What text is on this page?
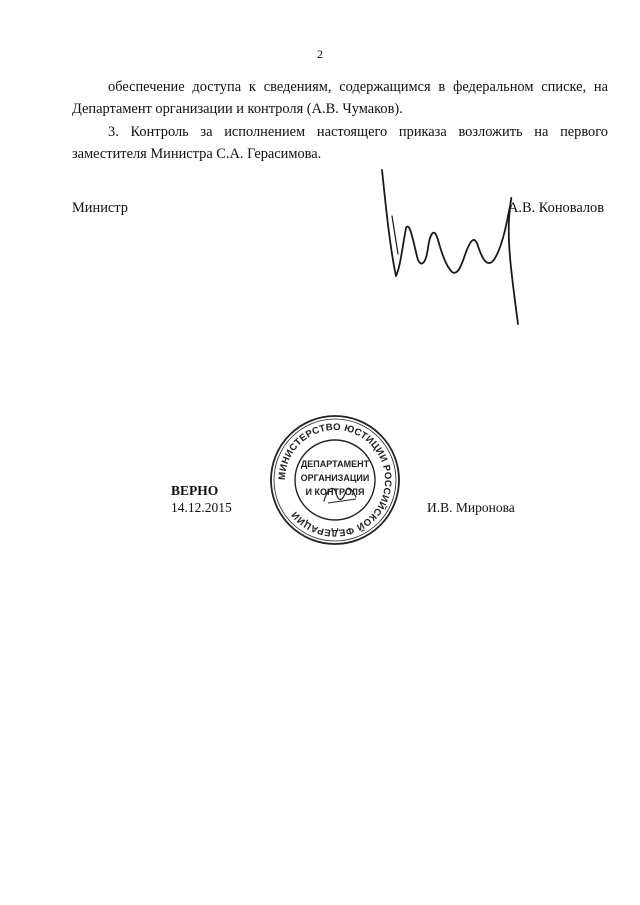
2

обеспечение доступа к сведениям, содержащимся в федеральном списке, на

Департамент организации и контроля (А.В. Чумаков).

3. Контроль за исполнением настоящего приказа возложить на первого

заместителя Министра С.А. Герасимова.

Министр	А.В. Коновалов
ВЕРНО
14.12.2015	И.В. Миронова
МИНИСТЕРСТВО ЮСТИЦИИ РОССИЙСКОЙ ФЕДЕРАЦИИ
ДЕПАРТАМЕНТ
ОРГАНИЗАЦИИ
И КОНТРОЛЯ
